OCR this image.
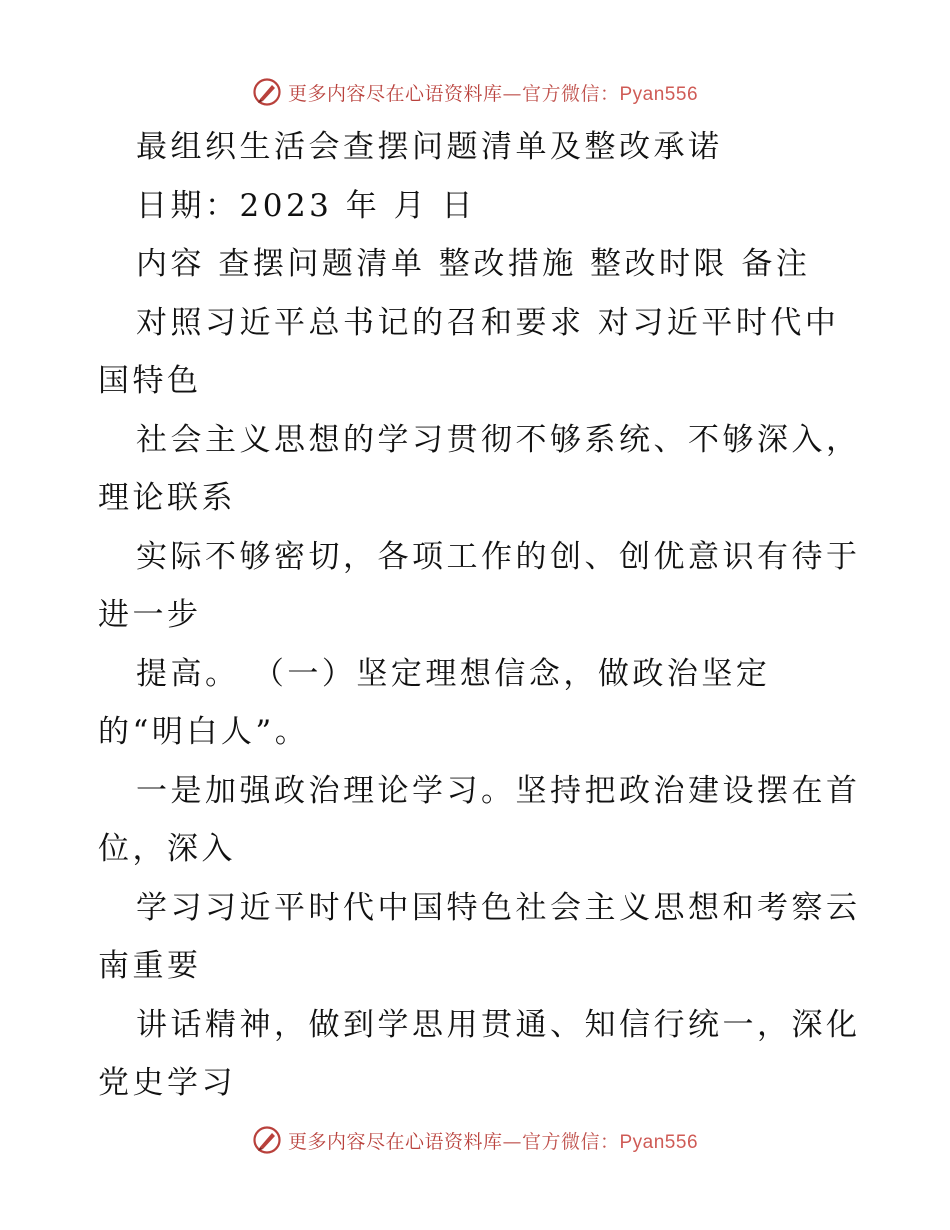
更多内容尽在心语资料库—官方微信：Pyan556
最组织生活会查摆问题清单及整改承诺
日期：2023 年 月 日
内容 查摆问题清单 整改措施 整改时限 备注
对照习近平总书记的召和要求 对习近平时代中
国特色
社会主义思想的学习贯彻不够系统、不够深入，
理论联系
实际不够密切，各项工作的创、创优意识有待于
进一步
提高。 （一）坚定理想信念，做政治坚定
的“明白人”。
一是加强政治理论学习。坚持把政治建设摆在首
位，深入
学习习近平时代中国特色社会主义思想和考察云
南重要
讲话精神，做到学思用贯通、知信行统一，深化
党史学习
更多内容尽在心语资料库—官方微信：Pyan556
